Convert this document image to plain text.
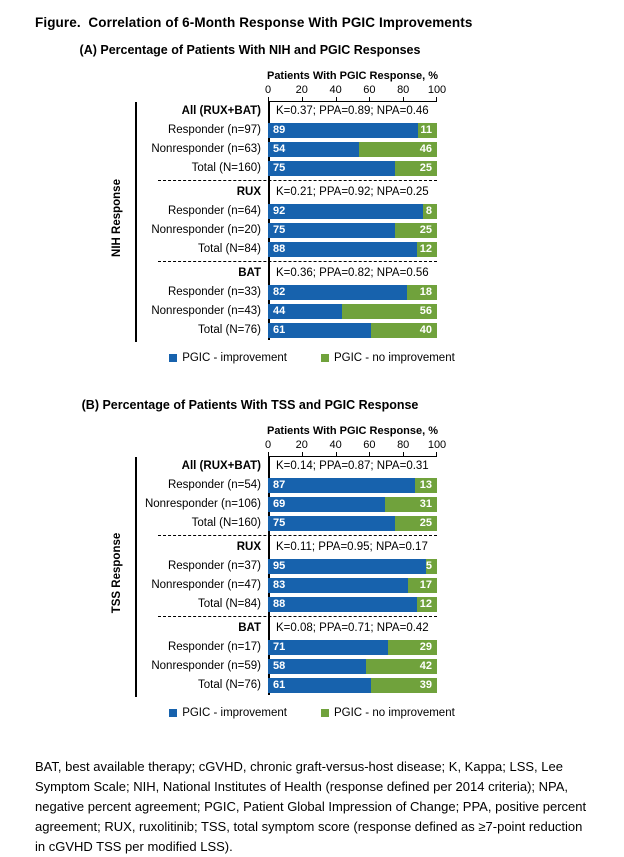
Figure.  Correlation of 6-Month Response With PGIC Improvements
(A) Percentage of Patients With NIH and PGIC Responses
NIH Response
Patients With PGIC Response, %
0 20 40 60 80 100
All (RUX+BAT)	K=0.37; PPA=0.89; NPA=0.46
Responder (n=97)	89	11
Nonresponder (n=63)	54	46
Total (N=160)	75	25
RUX	K=0.21; PPA=0.92; NPA=0.25
Responder (n=64)	92	8
Nonresponder (n=20)	75	25
Total (N=84)	88	12
BAT	K=0.36; PPA=0.82; NPA=0.56
Responder (n=33)	82	18
Nonresponder (n=43)	44	56
Total (N=76)	61	40
PGIC - improvement	PGIC - no improvement
(B) Percentage of Patients With TSS and PGIC Response
TSS Response
Patients With PGIC Response, %
0 20 40 60 80 100
All (RUX+BAT)	K=0.14; PPA=0.87; NPA=0.31
Responder (n=54)	87	13
Nonresponder (n=106)	69	31
Total (N=160)	75	25
RUX	K=0.11; PPA=0.95; NPA=0.17
Responder (n=37)	95	5
Nonresponder (n=47)	83	17
Total (N=84)	88	12
BAT	K=0.08; PPA=0.71; NPA=0.42
Responder (n=17)	71	29
Nonresponder (n=59)	58	42
Total (N=76)	61	39
PGIC - improvement	PGIC - no improvement
BAT, best available therapy; cGVHD, chronic graft-versus-host disease; K, Kappa; LSS, Lee Symptom Scale; NIH, National Institutes of Health (response defined per 2014 criteria); NPA, negative percent agreement; PGIC, Patient Global Impression of Change; PPA, positive percent agreement; RUX, ruxolitinib; TSS, total symptom score (response defined as ≥7-point reduction in cGVHD TSS per modified LSS).
